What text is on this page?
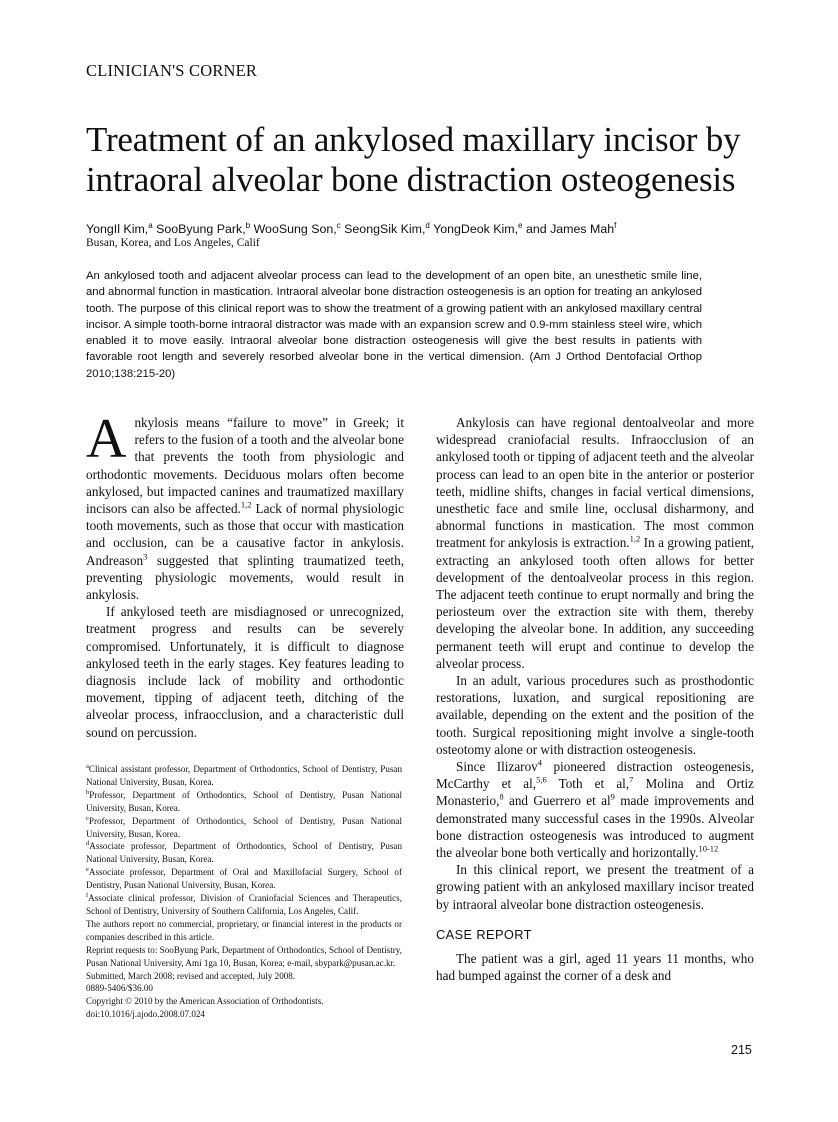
CLINICIAN'S CORNER
Treatment of an ankylosed maxillary incisor by intraoral alveolar bone distraction osteogenesis
YongIl Kim,$^a$ SooByung Park,$^b$ WooSung Son,$^c$ SeongSik Kim,$^d$ YongDeok Kim,$^e$ and James Mah$^f$
Busan, Korea, and Los Angeles, Calif

An ankylosed tooth and adjacent alveolar process can lead to the development of an open bite, an unesthetic smile line, and abnormal function in mastication. Intraoral alveolar bone distraction osteogenesis is an option for treating an ankylosed tooth. The purpose of this clinical report was to show the treatment of a growing patient with an ankylosed maxillary central incisor. A simple tooth-borne intraoral distractor was made with an expansion screw and 0.9-mm stainless steel wire, which enabled it to move easily. Intraoral alveolar bone distraction osteogenesis will give the best results in patients with favorable root length and severely resorbed alveolar bone in the vertical dimension. (Am J Orthod Dentofacial Orthop 2010;138:215-20)

Ankylosis means “failure to move” in Greek; it refers to the fusion of a tooth and the alveolar bone that prevents the tooth from physiologic and orthodontic movements. Deciduous molars often become ankylosed, but impacted canines and traumatized maxillary incisors can also be affected.$^{1,2}$ Lack of normal physiologic tooth movements, such as those that occur with mastication and occlusion, can be a causative factor in ankylosis. Andreason$^3$ suggested that splinting traumatized teeth, preventing physiologic movements, would result in ankylosis.

If ankylosed teeth are misdiagnosed or unrecognized, treatment progress and results can be severely compromised. Unfortunately, it is difficult to diagnose ankylosed teeth in the early stages. Key features leading to diagnosis include lack of mobility and orthodontic movement, tipping of adjacent teeth, ditching of the alveolar process, infraocclusion, and a characteristic dull sound on percussion.

$^a$Clinical assistant professor, Department of Orthodontics, School of Dentistry, Pusan National University, Busan, Korea.

$^b$Professor, Department of Orthodontics, School of Dentistry, Pusan National University, Busan, Korea.

$^c$Professor, Department of Orthodontics, School of Dentistry, Pusan National University, Busan, Korea.

$^d$Associate professor, Department of Orthodontics, School of Dentistry, Pusan National University, Busan, Korea.

$^e$Associate professor, Department of Oral and Maxillofacial Surgery, School of Dentistry, Pusan National University, Busan, Korea.

$^f$Associate clinical professor, Division of Craniofacial Sciences and Therapeutics, School of Dentistry, University of Southern California, Los Angeles, Calif.

The authors report no commercial, proprietary, or financial interest in the products or companies described in this article.

Reprint requests to: SooByung Park, Department of Orthodontics, School of Dentistry, Pusan National University, Ami 1ga 10, Busan, Korea; e-mail, sbypark@pusan.ac.kr.

Submitted, March 2008; revised and accepted, July 2008.

0889-5406/$36.00

Copyright © 2010 by the American Association of Orthodontists.

doi:10.1016/j.ajodo.2008.07.024

Ankylosis can have regional dentoalveolar and more widespread craniofacial results. Infraocclusion of an ankylosed tooth or tipping of adjacent teeth and the alveolar process can lead to an open bite in the anterior or posterior teeth, midline shifts, changes in facial vertical dimensions, unesthetic face and smile line, occlusal disharmony, and abnormal functions in mastication. The most common treatment for ankylosis is extraction.$^{1,2}$ In a growing patient, extracting an ankylosed tooth often allows for better development of the dentoalveolar process in this region. The adjacent teeth continue to erupt normally and bring the periosteum over the extraction site with them, thereby developing the alveolar bone. In addition, any succeeding permanent teeth will erupt and continue to develop the alveolar process.

In an adult, various procedures such as prosthodontic restorations, luxation, and surgical repositioning are available, depending on the extent and the position of the tooth. Surgical repositioning might involve a single-tooth osteotomy alone or with distraction osteogenesis.

Since Ilizarov$^4$ pioneered distraction osteogenesis, McCarthy et al,$^{5,6}$ Toth et al,$^7$ Molina and Ortiz Monasterio,$^8$ and Guerrero et $al^9$ made improvements and demonstrated many successful cases in the 1990s. Alveolar bone distraction osteogenesis was introduced to augment the alveolar bone both vertically and horizontally.$^{10-12}$

In this clinical report, we present the treatment of a growing patient with an ankylosed maxillary incisor treated by intraoral alveolar bone distraction osteogenesis.

CASE REPORT

The patient was a girl, aged 11 years 11 months, who had bumped against the corner of a desk and

215
